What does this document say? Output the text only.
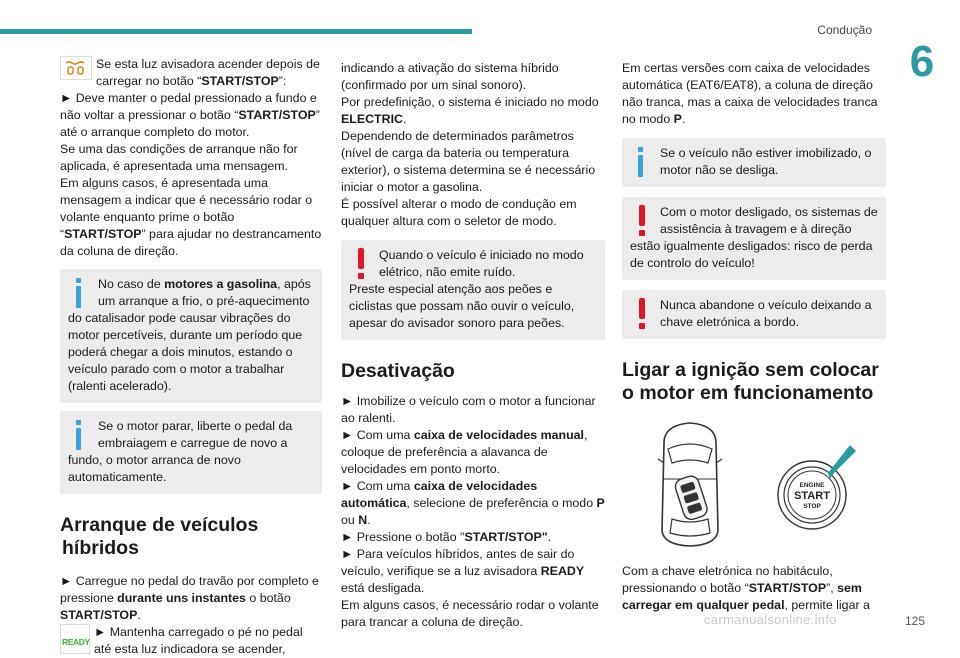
Condução
6

Se esta luz avisadora acender depois de carregar no botão “START/STOP”:

► Deve manter o pedal pressionado a fundo e não voltar a pressionar o botão “START/STOP” até o arranque completo do motor.

Se uma das condições de arranque não for aplicada, é apresentada uma mensagem.

Em alguns casos, é apresentada uma mensagem a indicar que é necessário rodar o volante enquanto prime o botão “START/STOP” para ajudar no destrancamento da coluna de direção.

No caso de motores a gasolina, após um arranque a frio, o pré-aquecimento do catalisador pode causar vibrações do motor percetíveis, durante um período que poderá chegar a dois minutos, estando o veículo parado com o motor a trabalhar (ralenti acelerado).

Se o motor parar, liberte o pedal da embraiagem e carregue de novo a fundo, o motor arranca de novo automaticamente.

Arranque de veículos
híbridos

► Carregue no pedal do travão por completo e pressione durante uns instantes o botão START/STOP.

READY

► Mantenha carregado o pé no pedal até esta luz indicadora se acender,

indicando a ativação do sistema híbrido (confirmado por um sinal sonoro).

Por predefinição, o sistema é iniciado no modo ELECTRIC.

Dependendo de determinados parâmetros (nível de carga da bateria ou temperatura exterior), o sistema determina se é necessário iniciar o motor a gasolina.

É possível alterar o modo de condução em qualquer altura com o seletor de modo.

Quando o veículo é iniciado no modo elétrico, não emite ruído.

Preste especial atenção aos peões e ciclistas que possam não ouvir o veículo, apesar do avisador sonoro para peões.

Desativação

► Imobilize o veículo com o motor a funcionar ao ralenti.

► Com uma caixa de velocidades manual, coloque de preferência a alavanca de velocidades em ponto morto.

► Com uma caixa de velocidades automática, selecione de preferência o modo P ou N.

► Pressione o botão "START/STOP".

► Para veículos híbridos, antes de sair do veículo, verifique se a luz avisadora READY está desligada.

Em alguns casos, é necessário rodar o volante para trancar a coluna de direção.

Em certas versões com caixa de velocidades automática (EAT6/EAT8), a coluna de direção não tranca, mas a caixa de velocidades tranca no modo P.

Se o veículo não estiver imobilizado, o motor não se desliga.

Com o motor desligado, os sistemas de assistência à travagem e à direção estão igualmente desligados: risco de perda de controlo do veículo!

Nunca abandone o veículo deixando a chave eletrónica a bordo.

Ligar a ignição sem colocar o motor em funcionamento
ENGINE
START
STOP

Com a chave eletrónica no habitáculo, pressionando o botão “START/STOP”, sem carregar em qualquer pedal, permite ligar a

carmanualsonline.info	125
